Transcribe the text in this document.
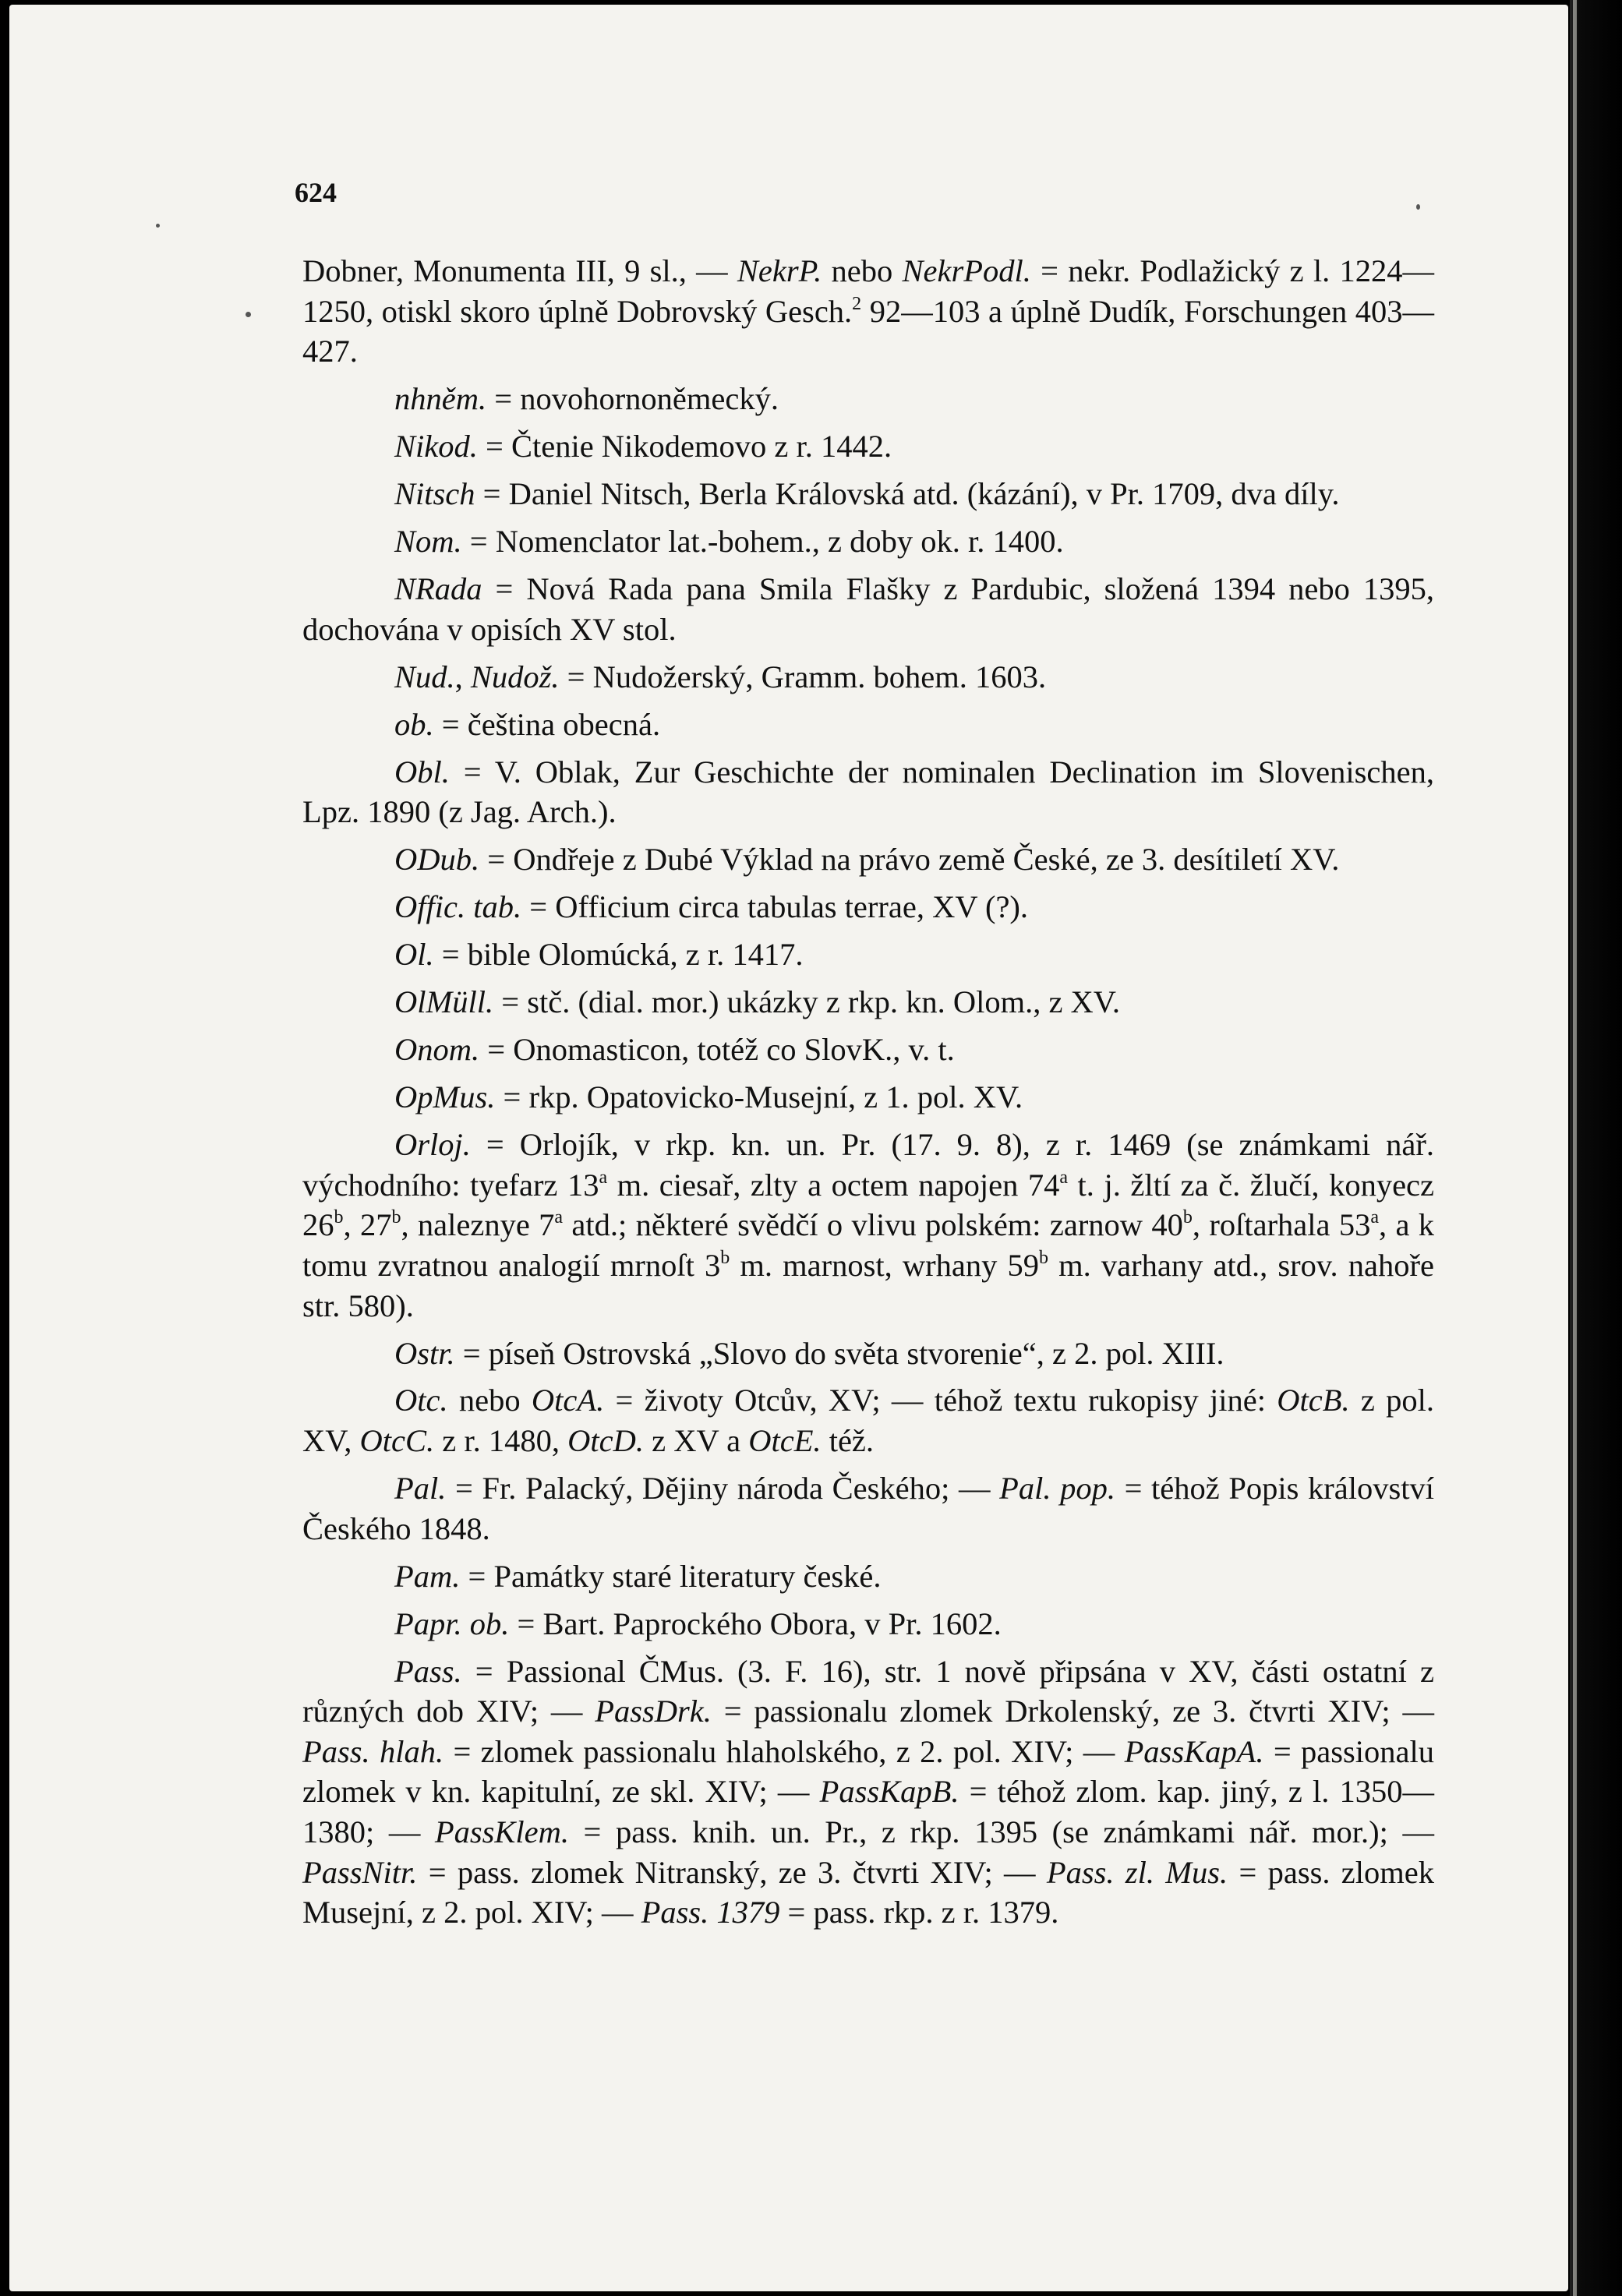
624
Dobner, Monumenta III, 9 sl., — NekrP. nebo NekrPodl. = nekr. Podlažický z l. 1224—1250, otiskl skoro úplně Dobrovský Gesch.$^2$ 92—103 a úplně Dudík, Forschungen 403—427.
nhněm. = novohornoněmecký.
Nikod. = Čtenie Nikodemovo z r. 1442.
Nitsch = Daniel Nitsch, Berla Královská atd. (kázání), v Pr. 1709, dva díly.
Nom. = Nomenclator lat.-bohem., z doby ok. r. 1400.
NRada = Nová Rada pana Smila Flašky z Pardubic, složená 1394 nebo 1395, dochována v opisích XV stol.
Nud., Nudož. = Nudožerský, Gramm. bohem. 1603.
ob. = čeština obecná.
Obl. = V. Oblak, Zur Geschichte der nominalen Declination im Slovenischen, Lpz. 1890 (z Jag. Arch.).
ODub. = Ondřeje z Dubé Výklad na právo země České, ze 3. desítiletí XV.
Offic. tab. = Officium circa tabulas terrae, XV (?).
Ol. = bible Olomúcká, z r. 1417.
OlMüll. = stč. (dial. mor.) ukázky z rkp. kn. Olom., z XV.
Onom. = Onomasticon, totéž co SlovK., v. t.
OpMus. = rkp. Opatovicko-Musejní, z 1. pol. XV.
Orloj. = Orlojík, v rkp. kn. un. Pr. (17. 9. 8), z r. 1469 (se známkami nář. východního: tyefarz 13$^a$ m. ciesař, zlty a octem napojen 74$^a$ t. j. žltí za č. žlučí, konyecz 26$^b$, 27$^b$, naleznye 7$^a$ atd.; některé svědčí o vlivu polském: zarnow 40$^b$, roſtarhala 53$^a$, a k tomu zvratnou analogií mrnoſt 3$^b$ m. marnost, wrhany 59$^b$ m. varhany atd., srov. nahoře str. 580).
Ostr. = píseň Ostrovská „Slovo do světa stvorenie“, z 2. pol. XIII.
Otc. nebo OtcA. = životy Otcův, XV; — téhož textu rukopisy jiné: OtcB. z pol. XV, OtcC. z r. 1480, OtcD. z XV a OtcE. též.
Pal. = Fr. Palacký, Dějiny národa Českého; — Pal. pop. = téhož Popis království Českého 1848.
Pam. = Památky staré literatury české.
Papr. ob. = Bart. Paprockého Obora, v Pr. 1602.
Pass. = Passional ČMus. (3. F. 16), str. 1 nově připsána v XV, části ostatní z různých dob XIV; — PassDrk. = passionalu zlomek Drkolenský, ze 3. čtvrti XIV; — Pass. hlah. = zlomek passionalu hlaholského, z 2. pol. XIV; — PassKapA. = passionalu zlomek v kn. kapitulní, ze skl. XIV; — PassKapB. = téhož zlom. kap. jiný, z l. 1350—1380; — PassKlem. = pass. knih. un. Pr., z rkp. 1395 (se známkami nář. mor.); — PassNitr. = pass. zlomek Nitranský, ze 3. čtvrti XIV; — Pass. zl. Mus. = pass. zlomek Musejní, z 2. pol. XIV; — Pass. 1379 = pass. rkp. z r. 1379.
